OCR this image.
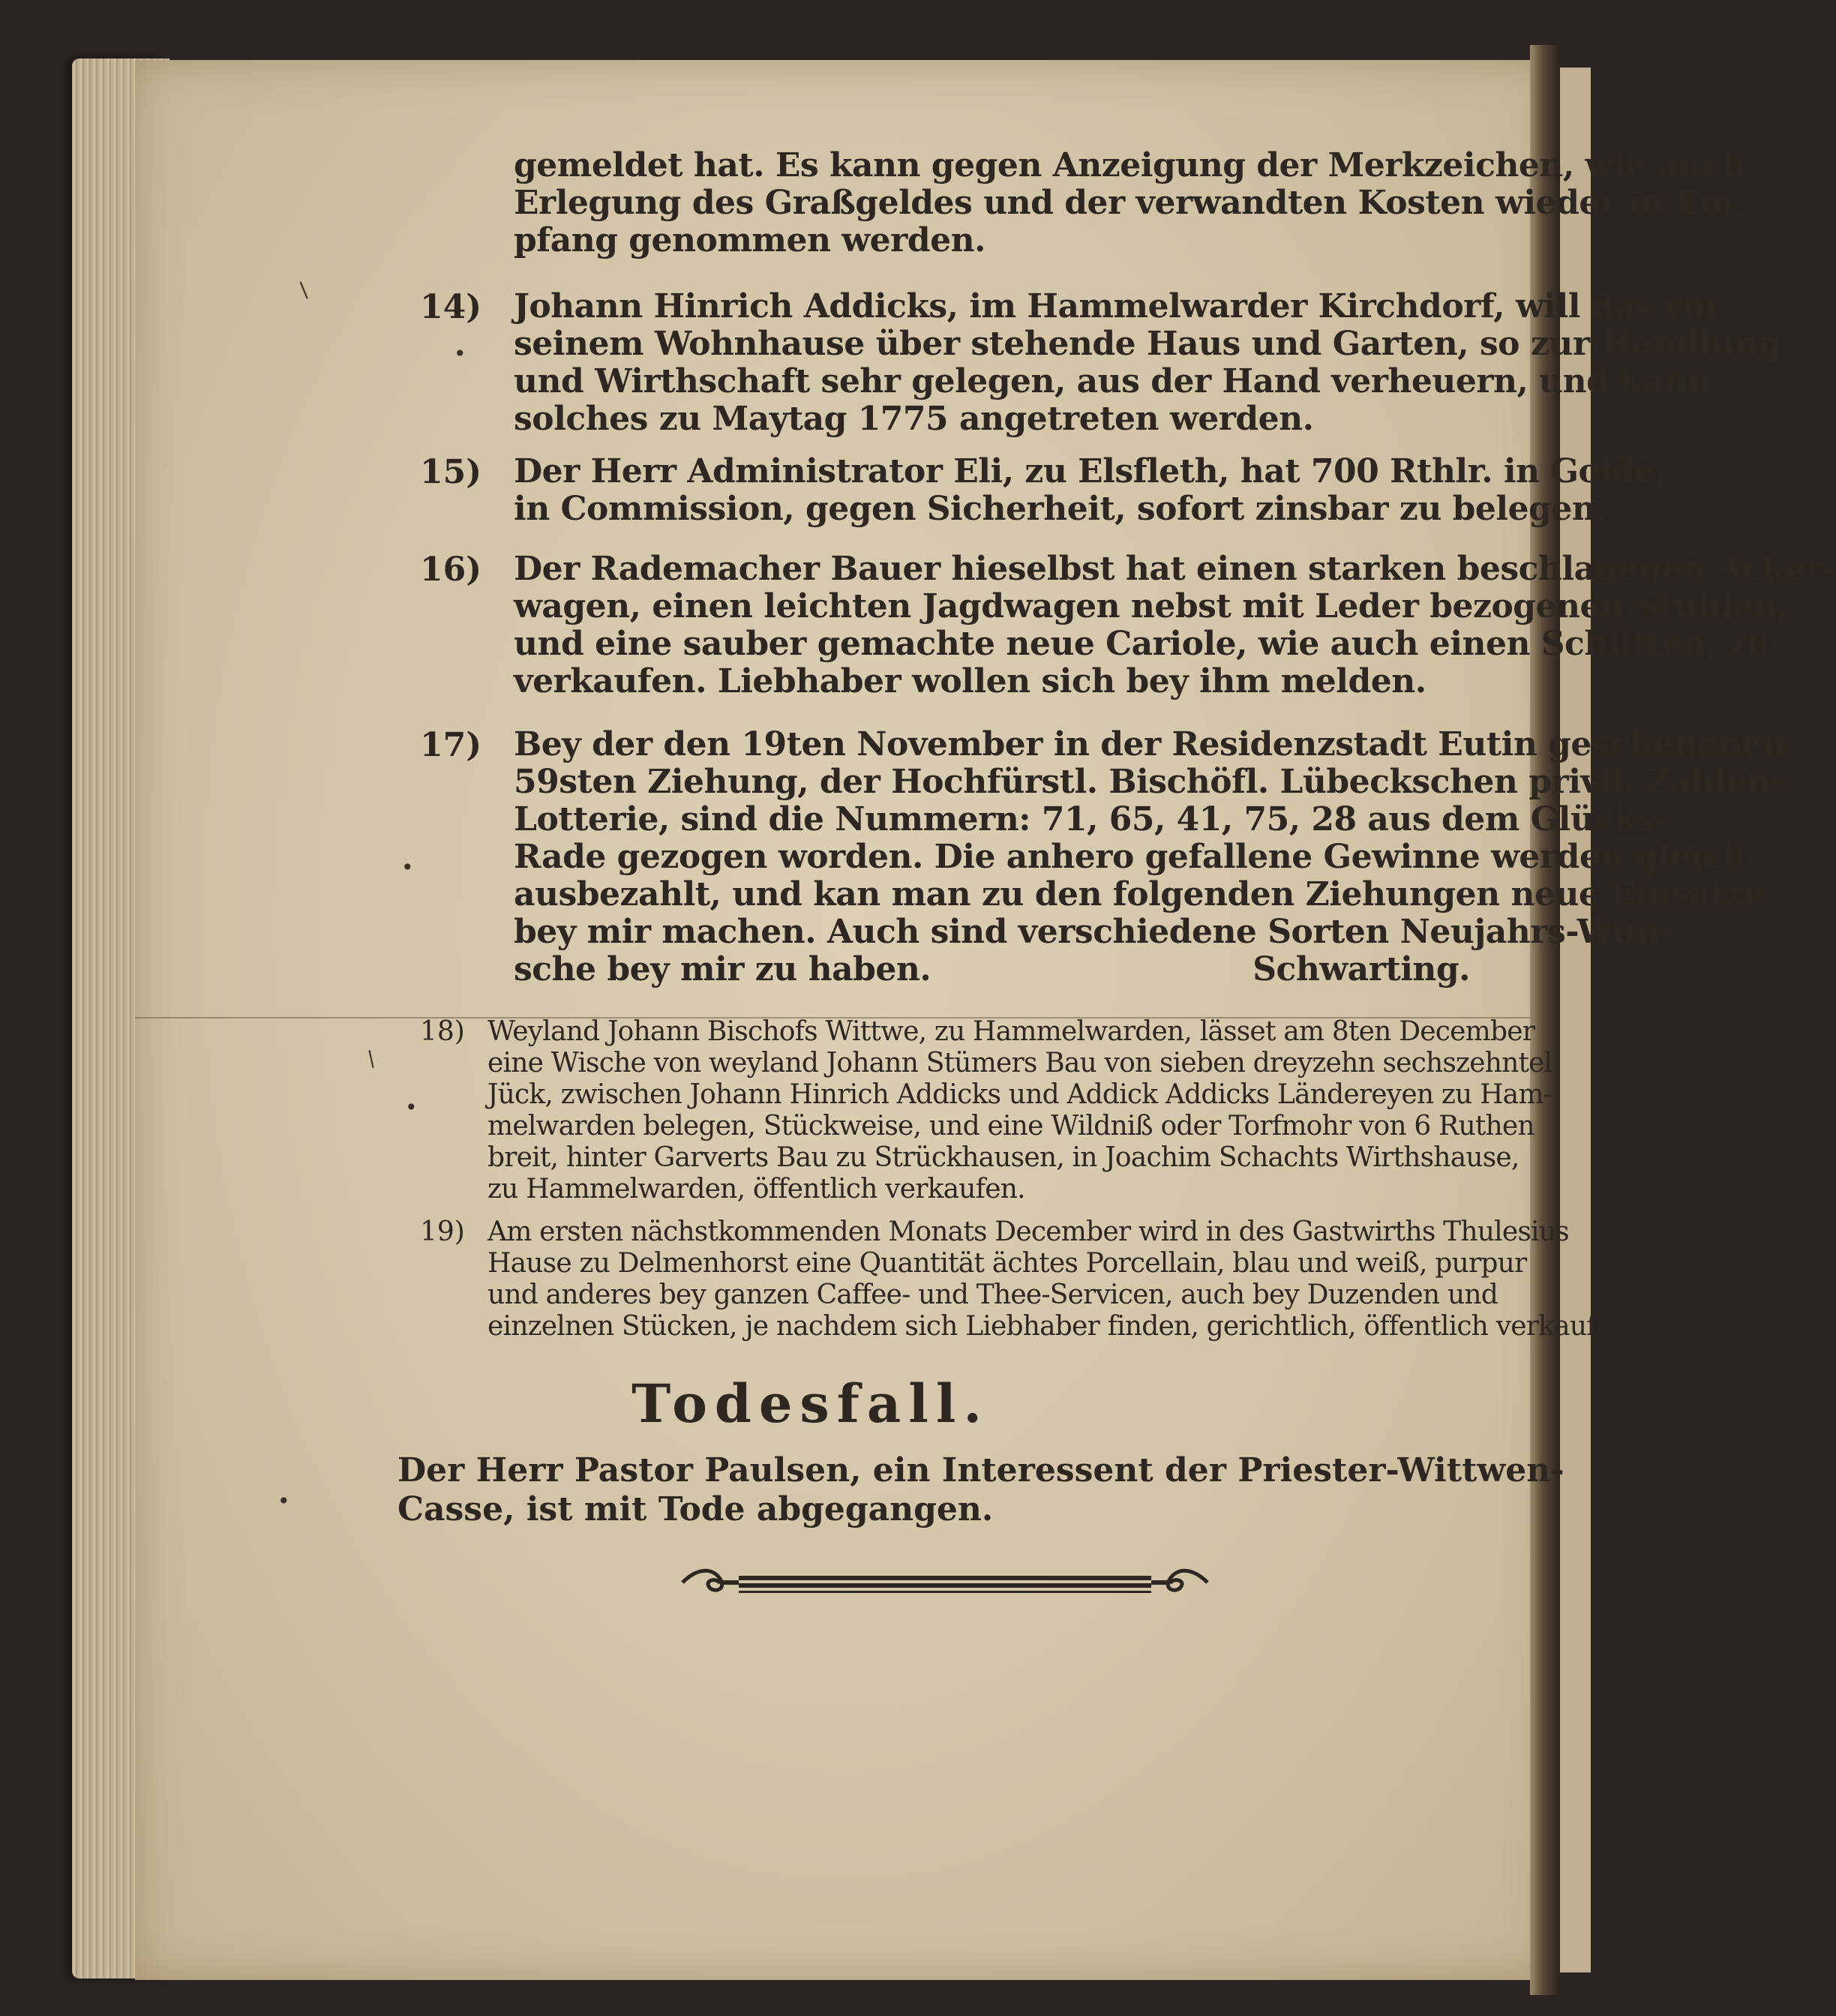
gemeldet hat. Es kann gegen Anzeigung der Merkzeichen, wie auch
Erlegung des Graßgeldes und der verwandten Kosten wieder in Em-
pfang genommen werden.
14) Johann Hinrich Addicks, im Hammelwarder Kirchdorf, will das vor
seinem Wohnhause über stehende Haus und Garten, so zur Handlung
und Wirthschaft sehr gelegen, aus der Hand verheuern, und kann
solches zu Maytag 1775 angetreten werden.
15) Der Herr Administrator Eli, zu Elsfleth, hat 700 Rthlr. in Golde,
in Commission, gegen Sicherheit, sofort zinsbar zu belegen.
16) Der Rademacher Bauer hieselbst hat einen starken beschlagenen Acker-
wagen, einen leichten Jagdwagen nebst mit Leder bezogenen Stühlen,
und eine sauber gemachte neue Cariole, wie auch einen Schlitten, zu
verkaufen. Liebhaber wollen sich bey ihm melden.
17) Bey der den 19ten November in der Residenzstadt Eutin geschehenen
59sten Ziehung, der Hochfürstl. Bischöfl. Lübeckschen privil. Zahlen-
Lotterie, sind die Nummern: 71, 65, 41, 75, 28 aus dem Glücks-
Rade gezogen worden. Die anhero gefallene Gewinne werden gleich
ausbezahlt, und kan man zu den folgenden Ziehungen neue Einsätze
bey mir machen. Auch sind verschiedene Sorten Neujahrs-Wün-
sche bey mir zu haben.	Schwarting.
18) Weyland Johann Bischofs Wittwe, zu Hammelwarden, lässet am 8ten December
eine Wische von weyland Johann Stümers Bau von sieben dreyzehn sechszehntel
Jück, zwischen Johann Hinrich Addicks und Addick Addicks Ländereyen zu Ham-
melwarden belegen, Stückweise, und eine Wildniß oder Torfmohr von 6 Ruthen
breit, hinter Garverts Bau zu Strückhausen, in Joachim Schachts Wirthshause,
zu Hammelwarden, öffentlich verkaufen.
19) Am ersten nächstkommenden Monats December wird in des Gastwirths Thulesius
Hause zu Delmenhorst eine Quantität ächtes Porcellain, blau und weiß, purpur
und anderes bey ganzen Caffee- und Thee-Servicen, auch bey Duzenden und
einzelnen Stücken, je nachdem sich Liebhaber finden, gerichtlich, öffentlich verkauft.
Todesfall.
Der Herr Pastor Paulsen, ein Interessent der Priester-Wittwen-
Casse, ist mit Tode abgegangen.
/
•
•
/
•
•
